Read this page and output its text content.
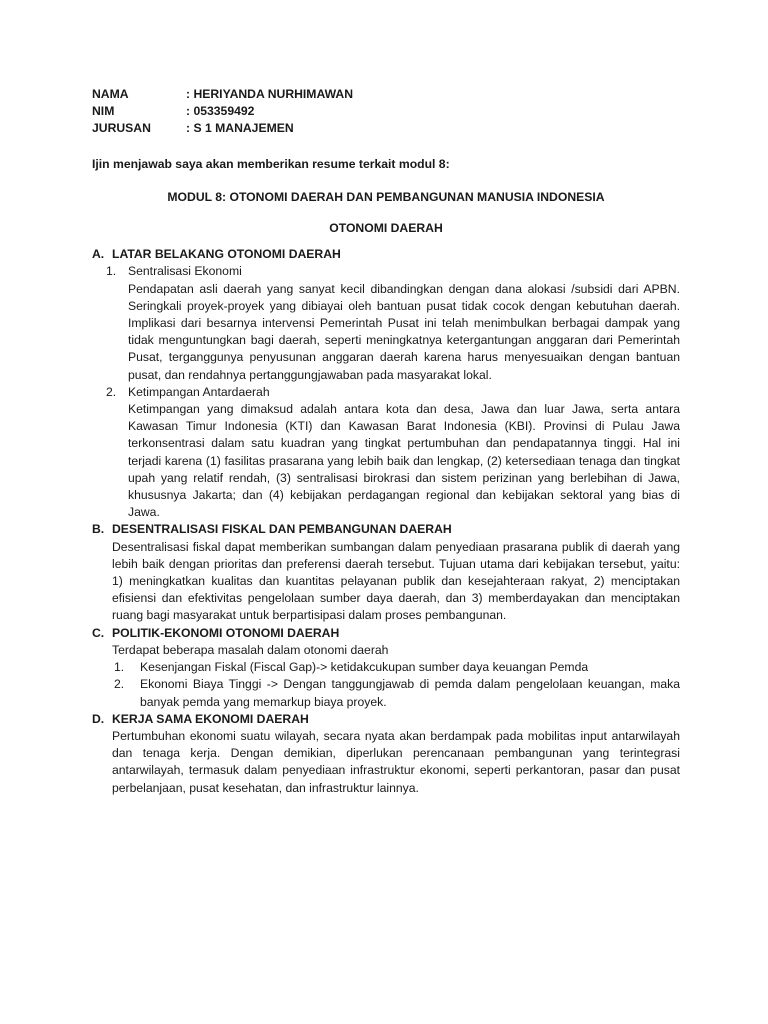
NAMA	: HERIYANDA NURHIMAWAN
NIM	: 053359492
JURUSAN	: S 1 MANAJEMEN
Ijin menjawab saya akan memberikan resume terkait modul 8:
MODUL 8: OTONOMI DAERAH DAN PEMBANGUNAN MANUSIA INDONESIA
OTONOMI DAERAH
A. LATAR BELAKANG OTONOMI DAERAH
1. Sentralisasi Ekonomi
Pendapatan asli daerah yang sanyat kecil dibandingkan dengan dana alokasi /subsidi dari APBN. Seringkali proyek-proyek yang dibiayai oleh bantuan pusat tidak cocok dengan kebutuhan daerah. Implikasi dari besarnya intervensi Pemerintah Pusat ini telah menimbulkan berbagai dampak yang tidak menguntungkan bagi daerah, seperti meningkatnya ketergantungan anggaran dari Pemerintah Pusat, terganggunya penyusunan anggaran daerah karena harus menyesuaikan dengan bantuan pusat, dan rendahnya pertanggungjawaban pada masyarakat lokal.
2. Ketimpangan Antardaerah
Ketimpangan yang dimaksud adalah antara kota dan desa, Jawa dan luar Jawa, serta antara Kawasan Timur Indonesia (KTI) dan Kawasan Barat Indonesia (KBI). Provinsi di Pulau Jawa terkonsentrasi dalam satu kuadran yang tingkat pertumbuhan dan pendapatannya tinggi. Hal ini terjadi karena (1) fasilitas prasarana yang lebih baik dan lengkap, (2) ketersediaan tenaga dan tingkat upah yang relatif rendah, (3) sentralisasi birokrasi dan sistem perizinan yang berlebihan di Jawa, khususnya Jakarta; dan (4) kebijakan perdagangan regional dan kebijakan sektoral yang bias di Jawa.
B. DESENTRALISASI FISKAL DAN PEMBANGUNAN DAERAH
Desentralisasi fiskal dapat memberikan sumbangan dalam penyediaan prasarana publik di daerah yang lebih baik dengan prioritas dan preferensi daerah tersebut. Tujuan utama dari kebijakan tersebut, yaitu: 1) meningkatkan kualitas dan kuantitas pelayanan publik dan kesejahteraan rakyat, 2) menciptakan efisiensi dan efektivitas pengelolaan sumber daya daerah, dan 3) memberdayakan dan menciptakan ruang bagi masyarakat untuk berpartisipasi dalam proses pembangunan.
C. POLITIK-EKONOMI OTONOMI DAERAH
Terdapat beberapa masalah dalam otonomi daerah
1. Kesenjangan Fiskal (Fiscal Gap)-> ketidakcukupan sumber daya keuangan Pemda
2. Ekonomi Biaya Tinggi -> Dengan tanggungjawab di pemda dalam pengelolaan keuangan, maka banyak pemda yang memarkup biaya proyek.
D. KERJA SAMA EKONOMI DAERAH
Pertumbuhan ekonomi suatu wilayah, secara nyata akan berdampak pada mobilitas input antarwilayah dan tenaga kerja. Dengan demikian, diperlukan perencanaan pembangunan yang terintegrasi antarwilayah, termasuk dalam penyediaan infrastruktur ekonomi, seperti perkantoran, pasar dan pusat perbelanjaan, pusat kesehatan, dan infrastruktur lainnya.
